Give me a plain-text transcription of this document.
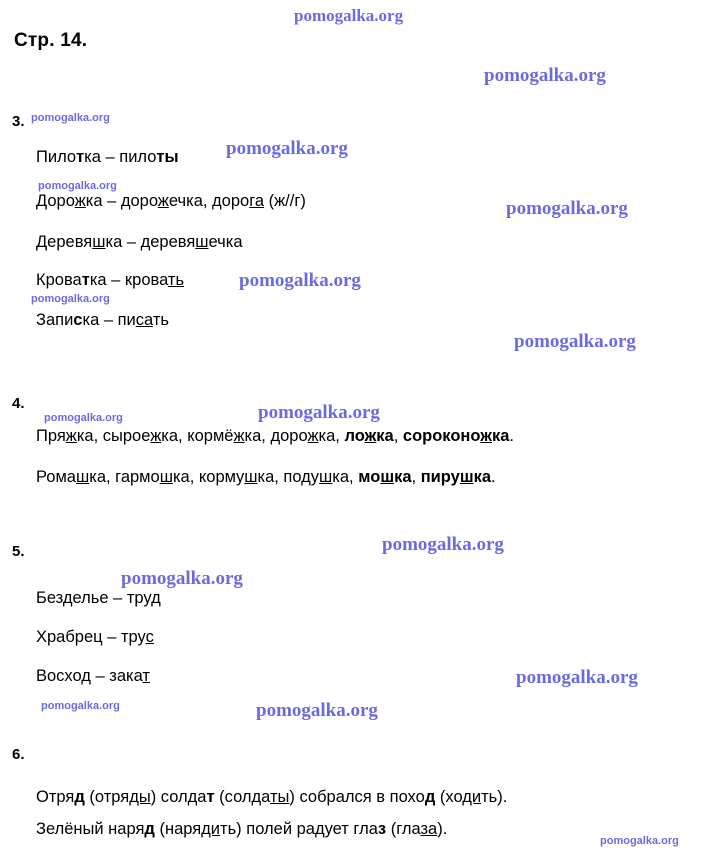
Стр. 14.
pomogalka.org
pomogalka.org
pomogalka.org
pomogalka.org
pomogalka.org
pomogalka.org
pomogalka.org
pomogalka.org
pomogalka.org
pomogalka.org	pomogalka.org
pomogalka.org
pomogalka.org
pomogalka.org
pomogalka.org	pomogalka.org
pomogalka.org
3.
Пилотка – пилоты
Дорожка – дорожечка, дорога (ж//г)
Деревяшка – деревяшечка
Кроватка – кровать
Записка – писать
4.
Пряжка, сыроежка, кормёжка, дорожка, ложка, сороконожка.
Ромашка, гармошка, кормyшка, подушка, мошка, пирушка.
5.
Безделье – труд
Храбрец – трус
Восход – закат
6.
Отряд (отряды) солдат (солдаты) собрался в поход (ходить).
Зелёный наряд (нарядить) полей радует глаз (глаза).
